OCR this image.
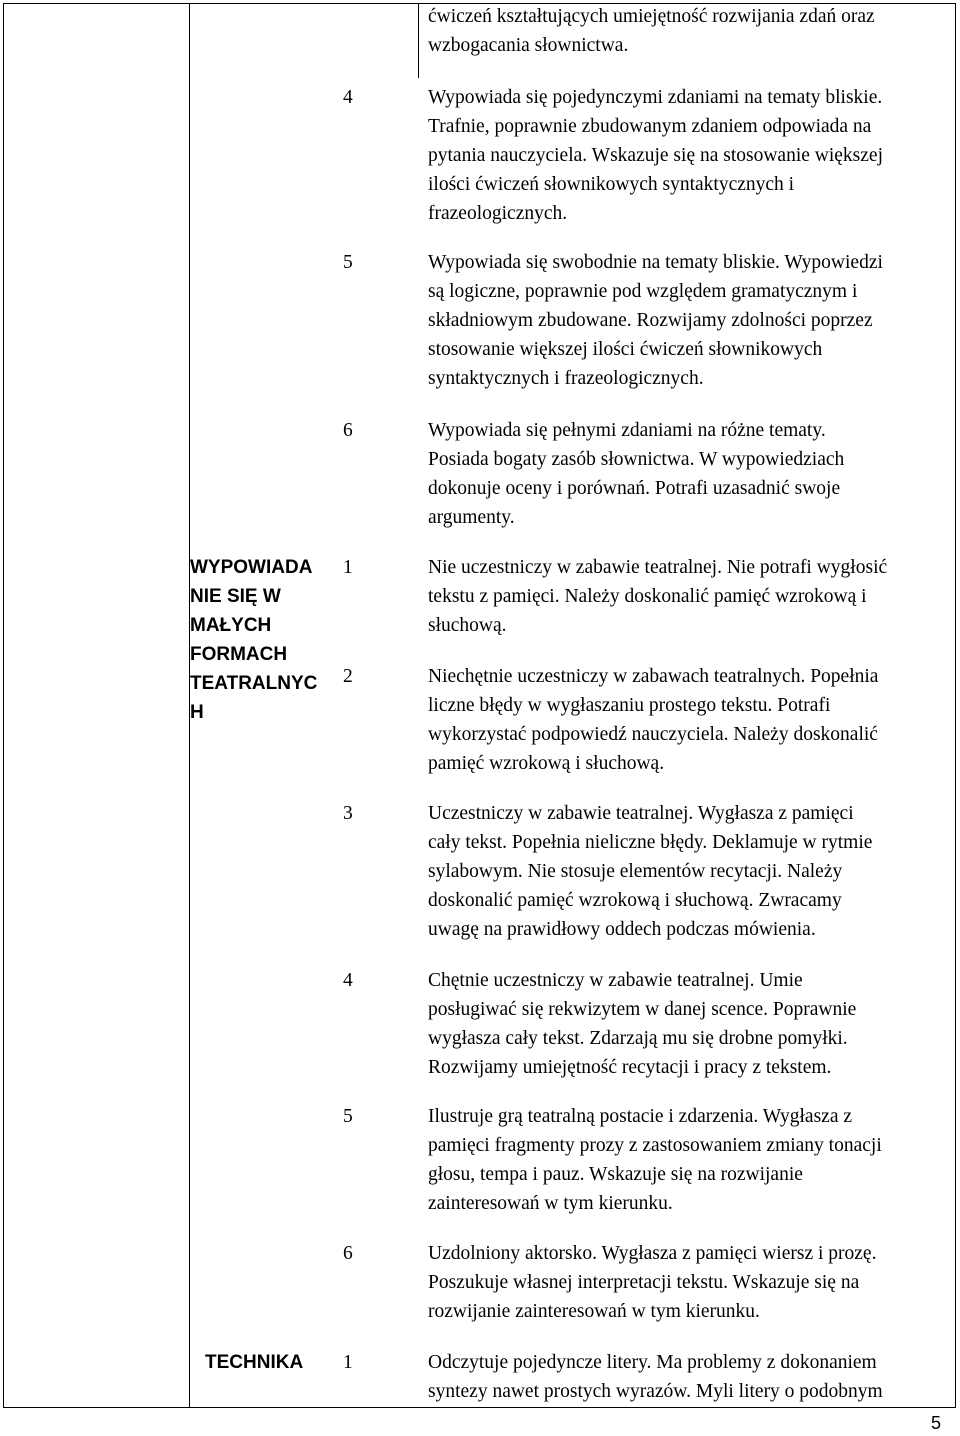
ćwiczeń kształtujących umiejętność rozwijania zdań oraz
wzbogacania słownictwa.
4	Wypowiada się pojedynczymi zdaniami na tematy bliskie.
Trafnie, poprawnie zbudowanym zdaniem odpowiada na
pytania nauczyciela. Wskazuje się na stosowanie większej
ilości ćwiczeń słownikowych syntaktycznych i
frazeologicznych.
5	Wypowiada się swobodnie na tematy bliskie. Wypowiedzi
są logiczne, poprawnie pod względem gramatycznym i
składniowym zbudowane. Rozwijamy zdolności poprzez
stosowanie większej ilości ćwiczeń słownikowych
syntaktycznych i frazeologicznych.
6	Wypowiada się pełnymi zdaniami na różne tematy.
Posiada bogaty zasób słownictwa. W wypowiedziach
dokonuje oceny i porównań. Potrafi uzasadnić swoje
argumenty.
WYPOWIADA
NIE SIĘ W
MAŁYCH
FORMACH
TEATRALNYC
H
1	Nie uczestniczy w zabawie teatralnej. Nie potrafi wygłosić
tekstu z pamięci. Należy doskonalić pamięć wzrokową i
słuchową.
2	Niechętnie uczestniczy w zabawach teatralnych. Popełnia
liczne błędy w wygłaszaniu prostego tekstu. Potrafi
wykorzystać podpowiedź nauczyciela. Należy doskonalić
pamięć wzrokową i słuchową.
3	Uczestniczy w zabawie teatralnej. Wygłasza z pamięci
cały tekst. Popełnia nieliczne błędy. Deklamuje w rytmie
sylabowym. Nie stosuje elementów recytacji. Należy
doskonalić pamięć wzrokową i słuchową. Zwracamy
uwagę na prawidłowy oddech podczas mówienia.
4	Chętnie uczestniczy w zabawie teatralnej. Umie
posługiwać się rekwizytem w danej scence. Poprawnie
wygłasza cały tekst. Zdarzają mu się drobne pomyłki.
Rozwijamy umiejętność recytacji i pracy z tekstem.
5	Ilustruje grą teatralną postacie i zdarzenia. Wygłasza z
pamięci fragmenty prozy z zastosowaniem zmiany tonacji
głosu, tempa i pauz. Wskazuje się na rozwijanie
zainteresowań w tym kierunku.
6	Uzdolniony aktorsko. Wygłasza z pamięci wiersz i prozę.
Poszukuje własnej interpretacji tekstu. Wskazuje się na
rozwijanie zainteresowań w tym kierunku.
TECHNIKA 1	Odczytuje pojedyncze litery. Ma problemy z dokonaniem
syntezy nawet prostych wyrazów. Myli litery o podobnym
5
